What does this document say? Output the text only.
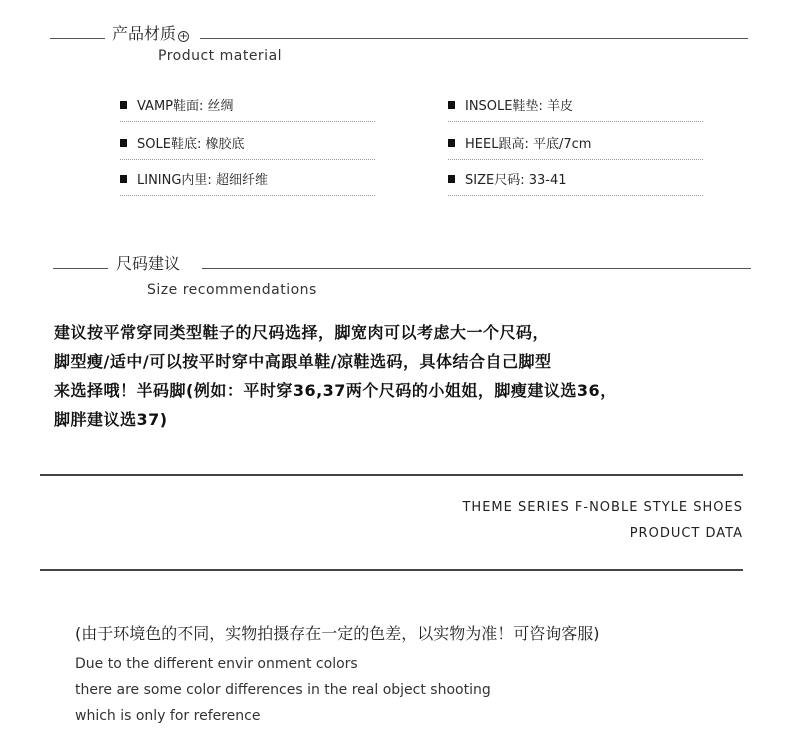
产品材质 +
Product material
VAMP鞋面: 丝绸	INSOLE鞋垫: 羊皮
SOLE鞋底: 橡胶底	HEEL跟高: 平底/7cm
LINING内里: 超细纤维	SIZE尺码: 33-41
尺码建议
Size recommendations
建议按平常穿同类型鞋子的尺码选择，脚宽肉可以考虑大一个尺码，
脚型瘦/适中/可以按平时穿中高跟单鞋/凉鞋选码，具体结合自己脚型
来选择哦！半码脚(例如：平时穿36,37两个尺码的小姐姐，脚瘦建议选36，
脚胖建议选37)
THEME SERIES F-NOBLE STYLE SHOES
PRODUCT DATA
(由于环境色的不同，实物拍摄存在一定的色差，以实物为准！可咨询客服)
Due to the different envir onment colors
there are some color differences in the real object shooting
which is only for reference
